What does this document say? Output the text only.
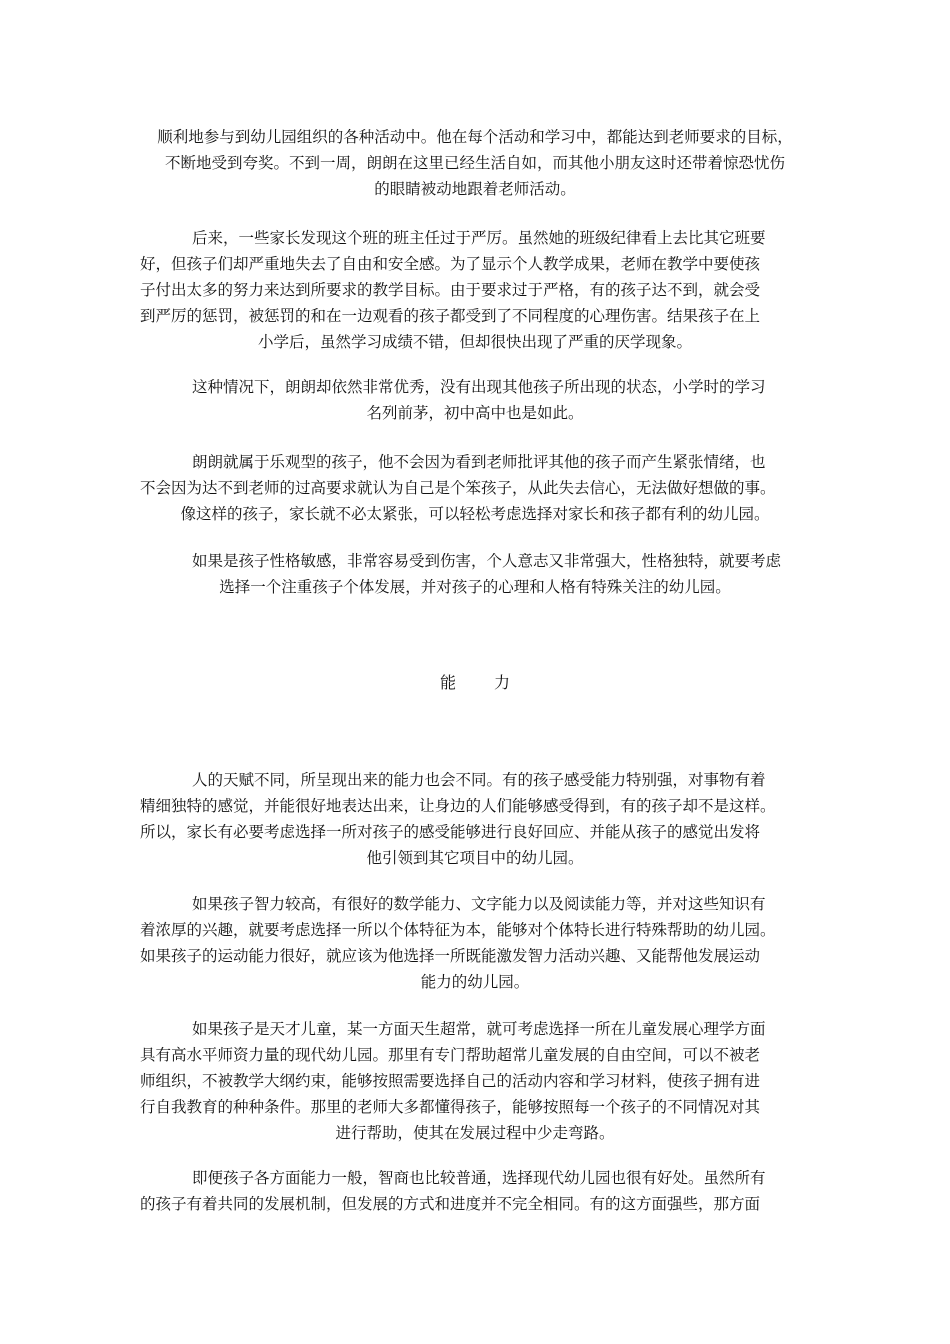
顺利地参与到幼儿园组织的各种活动中。他在每个活动和学习中，都能达到老师要求的目标，
不断地受到夸奖。不到一周，朗朗在这里已经生活自如，而其他小朋友这时还带着惊恐忧伤
的眼睛被动地跟着老师活动。
后来，一些家长发现这个班的班主任过于严厉。虽然她的班级纪律看上去比其它班要
好，但孩子们却严重地失去了自由和安全感。为了显示个人教学成果，老师在教学中要使孩
子付出太多的努力来达到所要求的教学目标。由于要求过于严格，有的孩子达不到，就会受
到严厉的惩罚，被惩罚的和在一边观看的孩子都受到了不同程度的心理伤害。结果孩子在上
小学后，虽然学习成绩不错，但却很快出现了严重的厌学现象。
这种情况下，朗朗却依然非常优秀，没有出现其他孩子所出现的状态，小学时的学习
名列前茅，初中高中也是如此。
朗朗就属于乐观型的孩子，他不会因为看到老师批评其他的孩子而产生紧张情绪，也
不会因为达不到老师的过高要求就认为自己是个笨孩子，从此失去信心，无法做好想做的事。
像这样的孩子，家长就不必太紧张，可以轻松考虑选择对家长和孩子都有利的幼儿园。
如果是孩子性格敏感，非常容易受到伤害，个人意志又非常强大，性格独特，就要考虑
选择一个注重孩子个体发展，并对孩子的心理和人格有特殊关注的幼儿园。
能 力
人的天赋不同，所呈现出来的能力也会不同。有的孩子感受能力特别强，对事物有着
精细独特的感觉，并能很好地表达出来，让身边的人们能够感受得到，有的孩子却不是这样。
所以，家长有必要考虑选择一所对孩子的感受能够进行良好回应、并能从孩子的感觉出发将
他引领到其它项目中的幼儿园。
如果孩子智力较高，有很好的数学能力、文字能力以及阅读能力等，并对这些知识有
着浓厚的兴趣，就要考虑选择一所以个体特征为本，能够对个体特长进行特殊帮助的幼儿园。
如果孩子的运动能力很好，就应该为他选择一所既能激发智力活动兴趣、又能帮他发展运动
能力的幼儿园。
如果孩子是天才儿童，某一方面天生超常，就可考虑选择一所在儿童发展心理学方面
具有高水平师资力量的现代幼儿园。那里有专门帮助超常儿童发展的自由空间，可以不被老
师组织，不被教学大纲约束，能够按照需要选择自己的活动内容和学习材料，使孩子拥有进
行自我教育的种种条件。那里的老师大多都懂得孩子，能够按照每一个孩子的不同情况对其
进行帮助，使其在发展过程中少走弯路。
即便孩子各方面能力一般，智商也比较普通，选择现代幼儿园也很有好处。虽然所有
的孩子有着共同的发展机制，但发展的方式和进度并不完全相同。有的这方面强些，那方面
